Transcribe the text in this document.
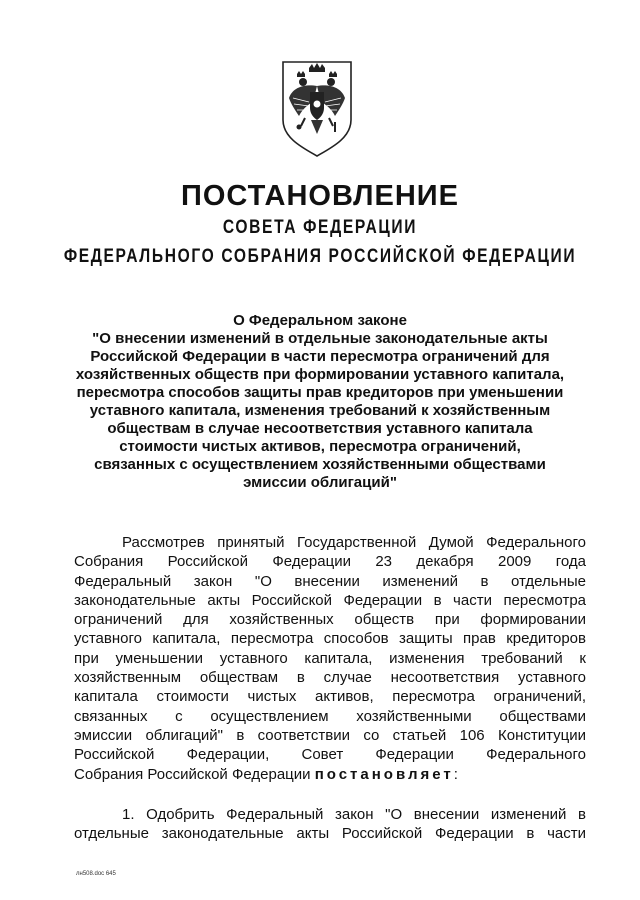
ПОСТАНОВЛЕНИЕ
СОВЕТА ФЕДЕРАЦИИ
ФЕДЕРАЛЬНОГО СОБРАНИЯ РОССИЙСКОЙ ФЕДЕРАЦИИ
О Федеральном законе
"О внесении изменений в отдельные законодательные акты
Российской Федерации в части пересмотра ограничений для
хозяйственных обществ при формировании уставного капитала,
пересмотра способов защиты прав кредиторов при уменьшении
уставного капитала, изменения требований к хозяйственным
обществам в случае несоответствия уставного капитала
стоимости чистых активов, пересмотра ограничений,
связанных с осуществлением хозяйственными обществами
эмиссии облигаций"
Рассмотрев принятый Государственной Думой Федерального
Собрания Российской Федерации 23 декабря 2009 года
Федеральный закон "О внесении изменений в отдельные
законодательные акты Российской Федерации в части пересмотра
ограничений для хозяйственных обществ при формировании
уставного капитала, пересмотра способов защиты прав кредиторов
при уменьшении уставного капитала, изменения требований к
хозяйственным обществам в случае несоответствия уставного
капитала стоимости чистых активов, пересмотра ограничений,
связанных с осуществлением хозяйственными обществами
эмиссии облигаций" в соответствии со статьей 106 Конституции
Российской Федерации, Совет Федерации Федерального
Собрания Российской Федерации постановляет:
1. Одобрить Федеральный закон "О внесении изменений в
отдельные законодательные акты Российской Федерации в части
лн508.doc 645
